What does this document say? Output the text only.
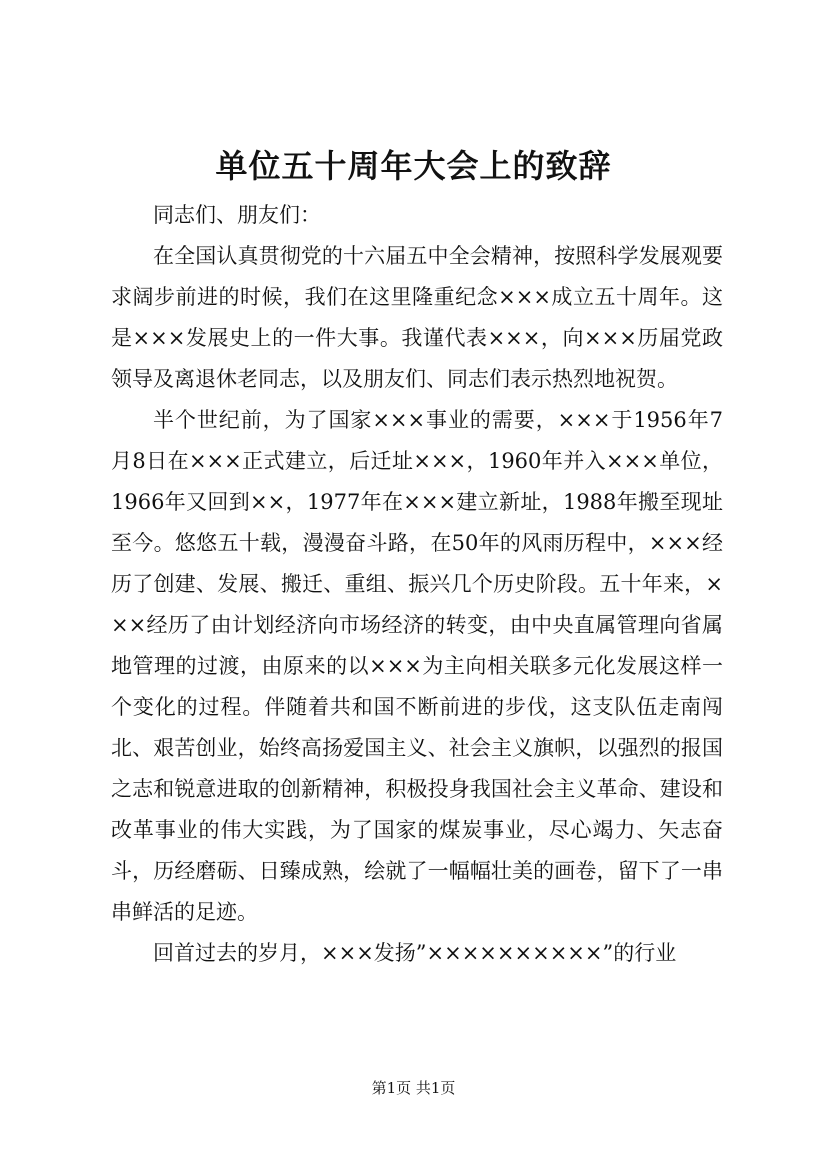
单位五十周年大会上的致辞

同志们、朋友们：

在全国认真贯彻党的十六届五中全会精神，按照科学发展观要求阔步前进的时候，我们在这里隆重纪念×××成立五十周年。这是×××发展史上的一件大事。我谨代表×××，向×××历届党政领导及离退休老同志，以及朋友们、同志们表示热烈地祝贺。

半个世纪前，为了国家×××事业的需要，×××于1956年7月8日在×××正式建立，后迁址×××，1960年并入×××单位，1966年又回到××，1977年在×××建立新址，1988年搬至现址至今。悠悠五十载，漫漫奋斗路，在50年的风雨历程中，×××经历了创建、发展、搬迁、重组、振兴几个历史阶段。五十年来，×××经历了由计划经济向市场经济的转变，由中央直属管理向省属地管理的过渡，由原来的以×××为主向相关联多元化发展这样一个变化的过程。伴随着共和国不断前进的步伐，这支队伍走南闯北、艰苦创业，始终高扬爱国主义、社会主义旗帜，以强烈的报国之志和锐意进取的创新精神，积极投身我国社会主义革命、建设和改革事业的伟大实践，为了国家的煤炭事业，尽心竭力、矢志奋斗，历经磨砺、日臻成熟，绘就了一幅幅壮美的画卷，留下了一串串鲜活的足迹。

回首过去的岁月，×××发扬”××××××××××”的行业

第1页 共1页
